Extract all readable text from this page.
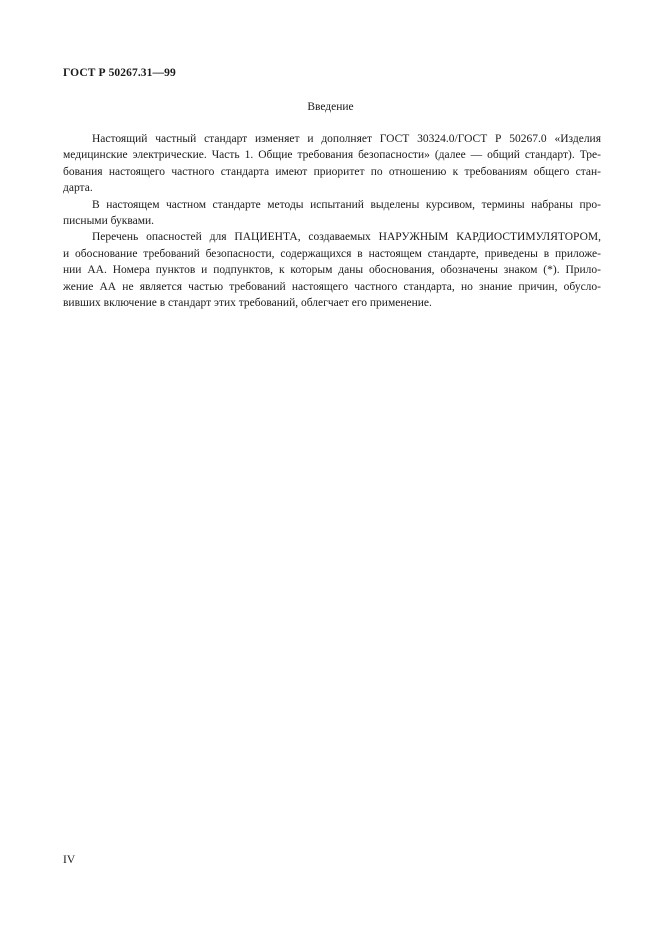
ГОСТ Р 50267.31—99
Введение
Настоящий частный стандарт изменяет и дополняет ГОСТ 30324.0/ГОСТ Р 50267.0 «Изделия
медицинские электрические. Часть 1. Общие требования безопасности» (далее — общий стандарт). Тре-
бования настоящего частного стандарта имеют приоритет по отношению к требованиям общего стан-
дарта.
В настоящем частном стандарте методы испытаний выделены курсивом, термины набраны про-
писными буквами.
Перечень опасностей для ПАЦИЕНТА, создаваемых НАРУЖНЫМ КАРДИОСТИМУЛЯТОРОМ,
и обоснование требований безопасности, содержащихся в настоящем стандарте, приведены в приложе-
нии АА. Номера пунктов и подпунктов, к которым даны обоснования, обозначены знаком (*). Прило-
жение АА не является частью требований настоящего частного стандарта, но знание причин, обусло-
вивших включение в стандарт этих требований, облегчает его применение.
IV
